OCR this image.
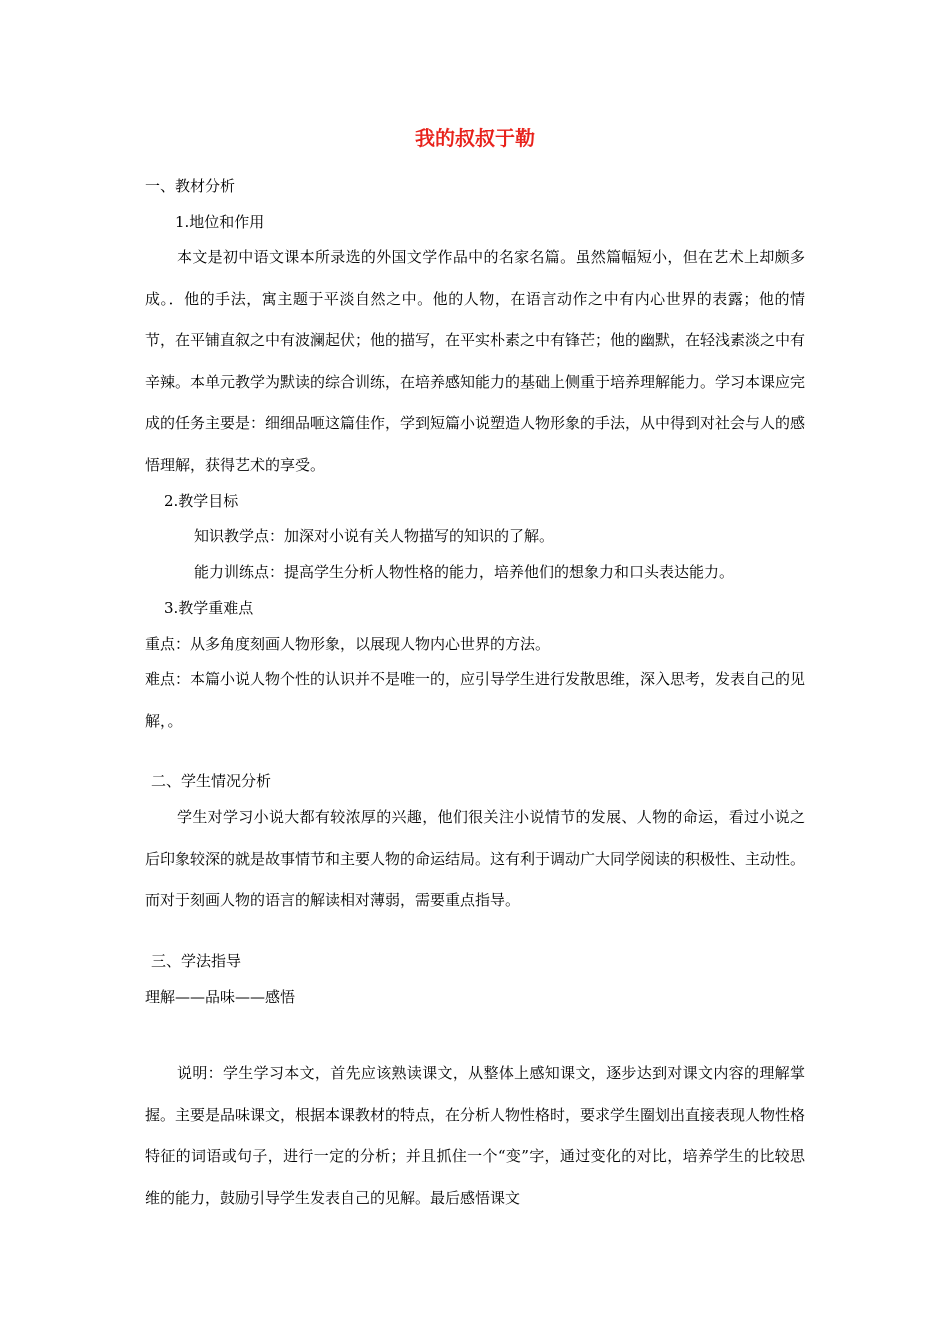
我的叔叔于勒
一、教材分析
1.地位和作用
本文是初中语文课本所录选的外国文学作品中的名家名篇。虽然篇幅短小，但在艺术上却颇多成。．他的手法，寓主题于平淡自然之中。他的人物，在语言动作之中有内心世界的表露；他的情节，在平铺直叙之中有波澜起伏；他的描写，在平实朴素之中有锋芒；他的幽默，在轻浅素淡之中有辛辣。本单元教学为默读的综合训练，在培养感知能力的基础上侧重于培养理解能力。学习本课应完成的任务主要是：细细品咂这篇佳作，学到短篇小说塑造人物形象的手法，从中得到对社会与人的感悟理解，获得艺术的享受。
2.教学目标
知识教学点：加深对小说有关人物描写的知识的了解。
能力训练点：提高学生分析人物性格的能力，培养他们的想象力和口头表达能力。
3.教学重难点
重点：从多角度刻画人物形象，以展现人物内心世界的方法。
难点：本篇小说人物个性的认识并不是唯一的，应引导学生进行发散思维，深入思考，发表自己的见解，。
二、学生情况分析
学生对学习小说大都有较浓厚的兴趣，他们很关注小说情节的发展、人物的命运，看过小说之后印象较深的就是故事情节和主要人物的命运结局。这有利于调动广大同学阅读的积极性、主动性。而对于刻画人物的语言的解读相对薄弱，需要重点指导。
三、学法指导
理解——品味——感悟
说明：学生学习本文，首先应该熟读课文，从整体上感知课文，逐步达到对课文内容的理解掌握。主要是品味课文，根据本课教材的特点，在分析人物性格时，要求学生圈划出直接表现人物性格特征的词语或句子，进行一定的分析；并且抓住一个“变”字，通过变化的对比，培养学生的比较思维的能力，鼓励引导学生发表自己的见解。最后感悟课文
